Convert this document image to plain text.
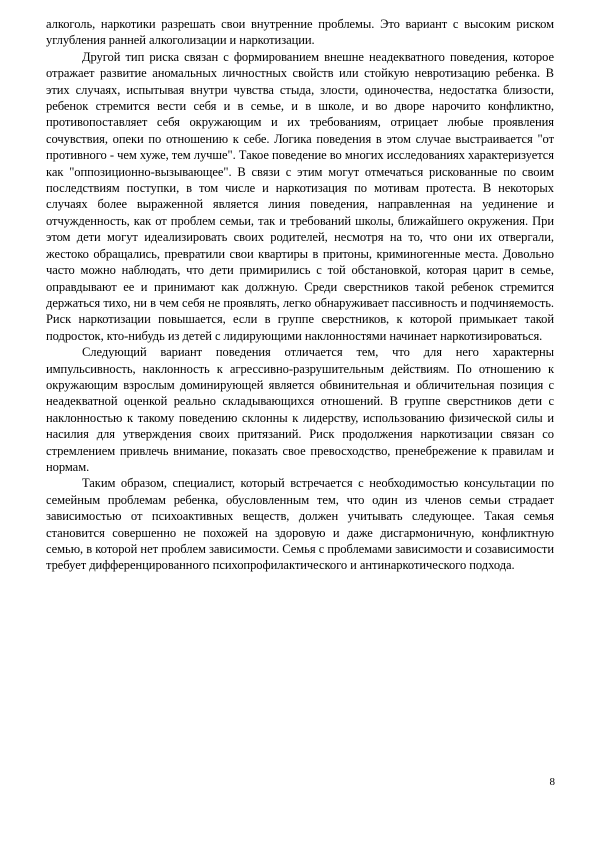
алкоголь, наркотики разрешать свои внутренние проблемы. Это вариант с высоким риском углубления ранней алкоголизации и наркотизации.

Другой тип риска связан с формированием внешне неадекватного поведения, которое отражает развитие аномальных личностных свойств или стойкую невротизацию ребенка. В этих случаях, испытывая внутри чувства стыда, злости, одиночества, недостатка близости, ребенок стремится вести себя и в семье, и в школе, и во дворе нарочито конфликтно, противопоставляет себя окружающим и их требованиям, отрицает любые проявления сочувствия, опеки по отношению к себе. Логика поведения в этом случае выстраивается "от противного - чем хуже, тем лучше". Такое поведение во многих исследованиях характеризуется как "оппозиционно-вызывающее". В связи с этим могут отмечаться рискованные по своим последствиям поступки, в том числе и наркотизация по мотивам протеста. В некоторых случаях более выраженной является линия поведения, направленная на уединение и отчужденность, как от проблем семьи, так и требований школы, ближайшего окружения. При этом дети могут идеализировать своих родителей, несмотря на то, что они их отвергали, жестоко обращались, превратили свои квартиры в притоны, криминогенные места. Довольно часто можно наблюдать, что дети примирились с той обстановкой, которая царит в семье, оправдывают ее и принимают как должную. Среди сверстников такой ребенок стремится держаться тихо, ни в чем себя не проявлять, легко обнаруживает пассивность и подчиняемость. Риск наркотизации повышается, если в группе сверстников, к которой примыкает такой подросток, кто-нибудь из детей с лидирующими наклонностями начинает наркотизироваться.

Следующий вариант поведения отличается тем, что для него характерны импульсивность, наклонность к агрессивно-разрушительным действиям. По отношению к окружающим взрослым доминирующей является обвинительная и обличительная позиция с неадекватной оценкой реально складывающихся отношений. В группе сверстников дети с наклонностью к такому поведению склонны к лидерству, использованию физической силы и насилия для утверждения своих притязаний. Риск продолжения наркотизации связан со стремлением привлечь внимание, показать свое превосходство, пренебрежение к правилам и нормам.

Таким образом, специалист, который встречается с необходимостью консультации по семейным проблемам ребенка, обусловленным тем, что один из членов семьи страдает зависимостью от психоактивных веществ, должен учитывать следующее. Такая семья становится совершенно не похожей на здоровую и даже дисгармоничную, конфликтную семью, в которой нет проблем зависимости. Семья с проблемами зависимости и созависимости требует дифференцированного психопрофилактического и антинаркотического подхода.

8
